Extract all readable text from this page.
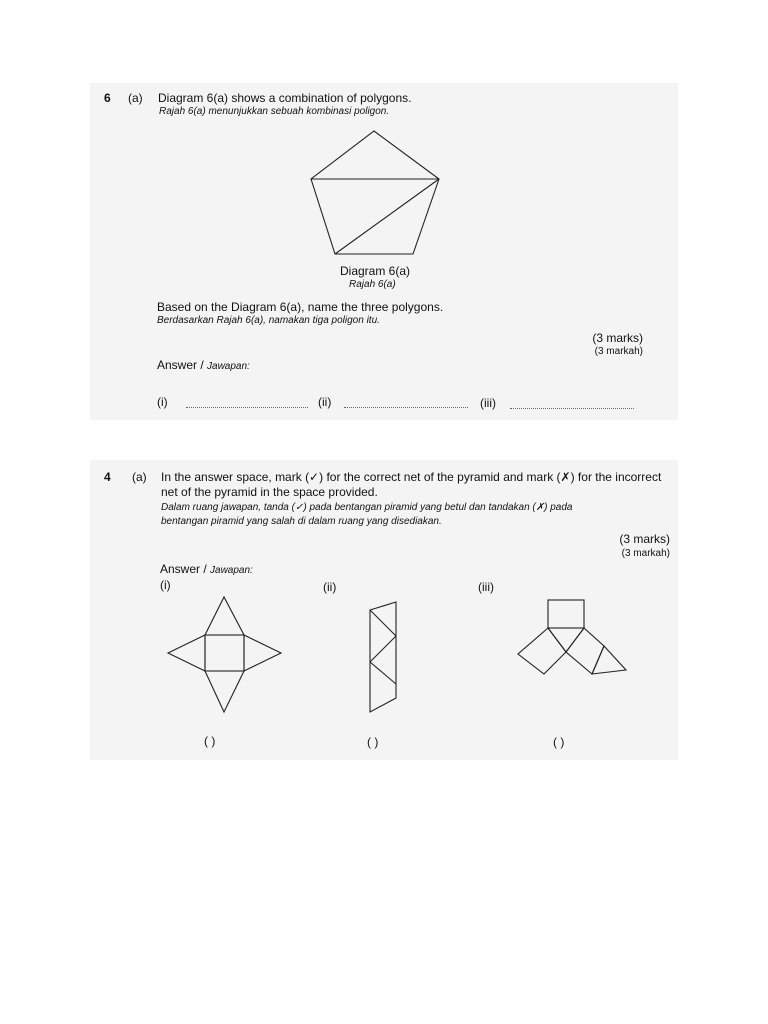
6 (a) Diagram 6(a) shows a combination of polygons.
Rajah 6(a) menunjukkan sebuah kombinasi poligon.
Diagram 6(a)
Rajah 6(a)
Based on the Diagram 6(a), name the three polygons.
Berdasarkan Rajah 6(a), namakan tiga poligon itu.
(3 marks)
(3 markah)
Answer / Jawapan:
(i)	(ii)	(iii)
4 (a) In the answer space, mark (✓) for the correct net of the pyramid and mark (✗) for the incorrect
net of the pyramid in the space provided.
Dalam ruang jawapan, tanda (✓) pada bentangan piramid yang betul dan tandakan (✗) pada
bentangan piramid yang salah di dalam ruang yang disediakan.
(3 marks)
(3 markah)
Answer / Jawapan:
(i)	(ii)	(iii)
( )	( )	( )
